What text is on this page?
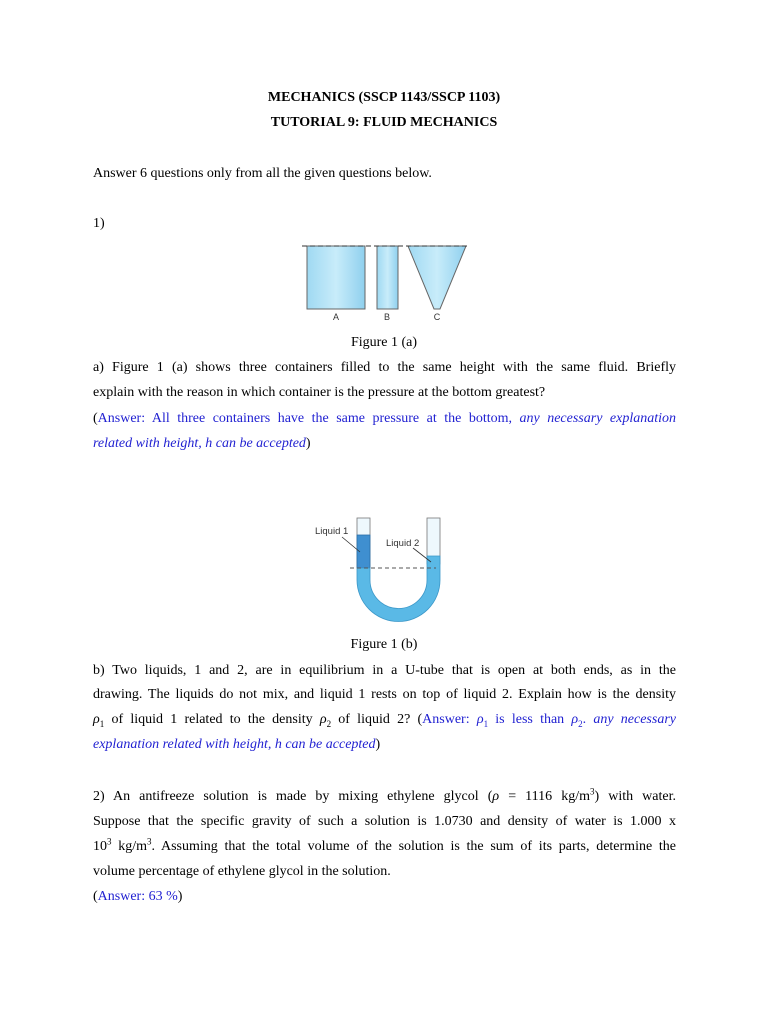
MECHANICS (SSCP 1143/SSCP 1103)
TUTORIAL 9: FLUID MECHANICS
Answer 6 questions only from all the given questions below.
1)
A	B	C
Figure 1 (a)
a) Figure 1 (a) shows three containers filled to the same height with the same fluid. Briefly
explain with the reason in which container is the pressure at the bottom greatest?
(Answer: All three containers have the same pressure at the bottom, any necessary explanation
related with height, h can be accepted)
Liquid 1
Liquid 2
Figure 1 (b)
b) Two liquids, 1 and 2, are in equilibrium in a U-tube that is open at both ends, as in the
drawing. The liquids do not mix, and liquid 1 rests on top of liquid 2. Explain how is the density
$\rho_1$ of liquid 1 related to the density $\rho_2$ of liquid 2? (Answer: $\rho_1$ is less than $\rho_2$. any necessary
explanation related with height, h can be accepted)
2) An antifreeze solution is made by mixing ethylene glycol (ρ = 1116 $kg/m^3$) with water.
Suppose that the specific gravity of such a solution is 1.0730 and density of water is 1.000 x
$10^3$ $kg/m^3$. Assuming that the total volume of the solution is the sum of its parts, determine the
volume percentage of ethylene glycol in the solution.
(Answer: 63 %)
